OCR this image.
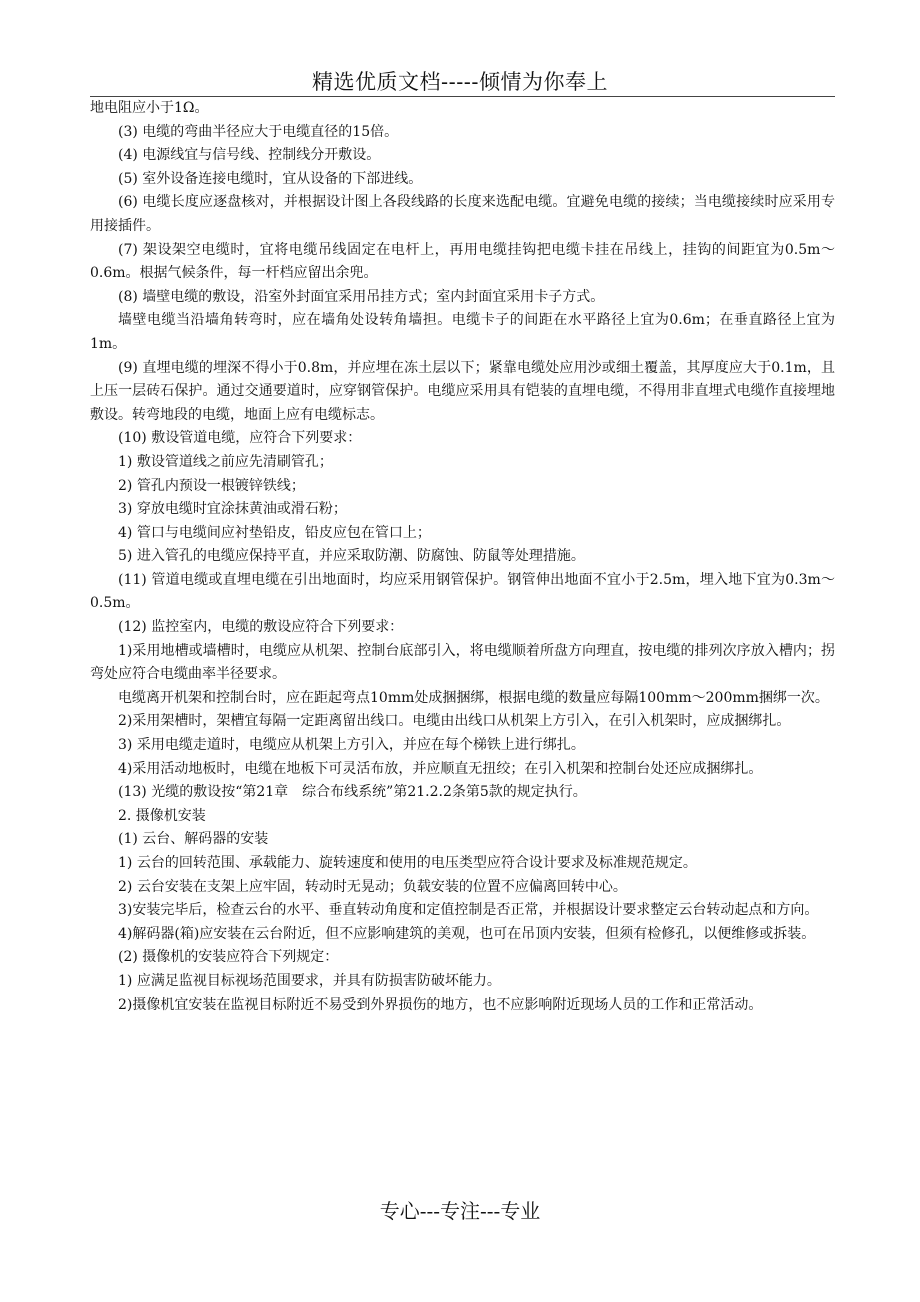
精选优质文档-----倾情为你奉上

地电阻应小于1Ω。

(3) 电缆的弯曲半径应大于电缆直径的15倍。

(4) 电源线宜与信号线、控制线分开敷设。

(5) 室外设备连接电缆时，宜从设备的下部进线。

(6) 电缆长度应逐盘核对，并根据设计图上各段线路的长度来选配电缆。宜避免电缆的接续；当电缆接续时应采用专用接插件。

(7) 架设架空电缆时，宜将电缆吊线固定在电杆上，再用电缆挂钩把电缆卡挂在吊线上，挂钩的间距宜为0.5m～0.6m。根据气候条件，每一杆档应留出余兜。

(8) 墙壁电缆的敷设，沿室外封面宜采用吊挂方式；室内封面宜采用卡子方式。

墙壁电缆当沿墙角转弯时，应在墙角处设转角墙担。电缆卡子的间距在水平路径上宜为0.6m；在垂直路径上宜为1m。

(9) 直埋电缆的埋深不得小于0.8m，并应埋在冻土层以下；紧靠电缆处应用沙或细土覆盖，其厚度应大于0.1m，且上压一层砖石保护。通过交通要道时，应穿钢管保护。电缆应采用具有铠装的直埋电缆，不得用非直埋式电缆作直接埋地敷设。转弯地段的电缆，地面上应有电缆标志。

(10) 敷设管道电缆，应符合下列要求：

1) 敷设管道线之前应先清刷管孔；

2) 管孔内预设一根镀锌铁线；

3) 穿放电缆时宜涂抹黄油或滑石粉；

4) 管口与电缆间应衬垫铅皮，铅皮应包在管口上；

5) 进入管孔的电缆应保持平直，并应采取防潮、防腐蚀、防鼠等处理措施。

(11) 管道电缆或直埋电缆在引出地面时，均应采用钢管保护。钢管伸出地面不宜小于2.5m，埋入地下宜为0.3m～0.5m。

(12) 监控室内，电缆的敷设应符合下列要求：

1)采用地槽或墙槽时，电缆应从机架、控制台底部引入，将电缆顺着所盘方向理直，按电缆的排列次序放入槽内；拐弯处应符合电缆曲率半径要求。

电缆离开机架和控制台时，应在距起弯点10mm处成捆捆绑，根据电缆的数量应每隔100mm～200mm捆绑一次。

2)采用架槽时，架槽宜每隔一定距离留出线口。电缆由出线口从机架上方引入，在引入机架时，应成捆绑扎。

3) 采用电缆走道时，电缆应从机架上方引入，并应在每个梯铁上进行绑扎。

4)采用活动地板时，电缆在地板下可灵活布放，并应顺直无扭绞；在引入机架和控制台处还应成捆绑扎。

(13) 光缆的敷设按“第21章　综合布线系统”第21.2.2条第5款的规定执行。

2. 摄像机安装

(1) 云台、解码器的安装

1) 云台的回转范围、承载能力、旋转速度和使用的电压类型应符合设计要求及标准规范规定。

2) 云台安装在支架上应牢固，转动时无晃动；负载安装的位置不应偏离回转中心。

3)安装完毕后，检查云台的水平、垂直转动角度和定值控制是否正常，并根据设计要求整定云台转动起点和方向。

4)解码器(箱)应安装在云台附近，但不应影响建筑的美观，也可在吊顶内安装，但须有检修孔，以便维修或拆装。

(2) 摄像机的安装应符合下列规定：

1) 应满足监视目标视场范围要求，并具有防损害防破坏能力。

2)摄像机宜安装在监视目标附近不易受到外界损伤的地方，也不应影响附近现场人员的工作和正常活动。

专心---专注---专业
